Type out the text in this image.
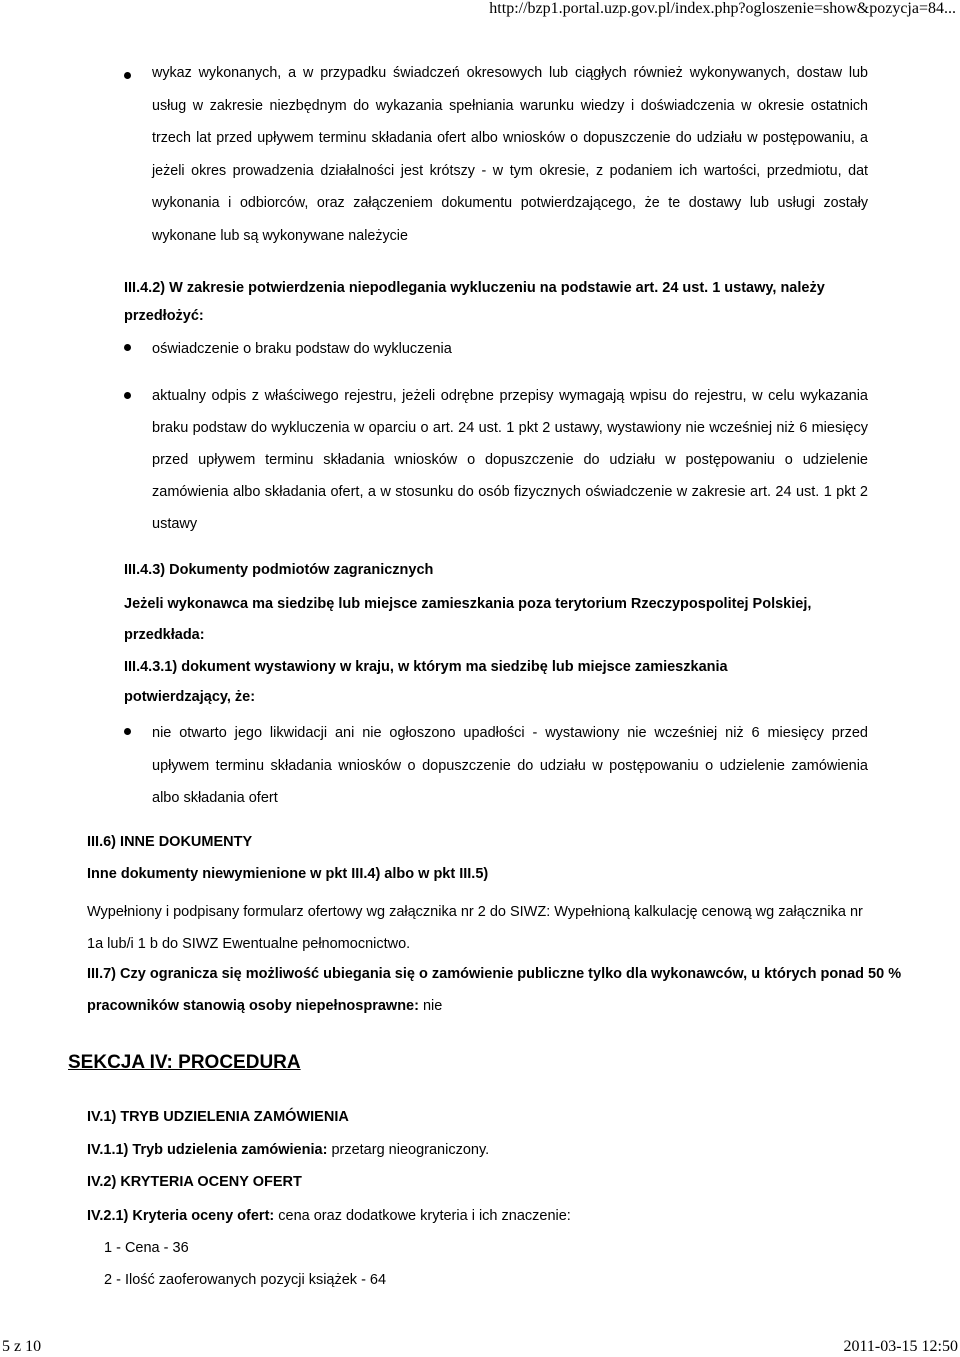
http://bzp1.portal.uzp.gov.pl/index.php?ogloszenie=show&pozycja=84...
wykaz wykonanych, a w przypadku świadczeń okresowych lub ciągłych również wykonywanych, dostaw lub usług w zakresie niezbędnym do wykazania spełniania warunku wiedzy i doświadczenia w okresie ostatnich trzech lat przed upływem terminu składania ofert albo wniosków o dopuszczenie do udziału w postępowaniu, a jeżeli okres prowadzenia działalności jest krótszy - w tym okresie, z podaniem ich wartości, przedmiotu, dat wykonania i odbiorców, oraz załączeniem dokumentu potwierdzającego, że te dostawy lub usługi zostały wykonane lub są wykonywane należycie
III.4.2) W zakresie potwierdzenia niepodlegania wykluczeniu na podstawie art. 24 ust. 1 ustawy, należy przedłożyć:
oświadczenie o braku podstaw do wykluczenia
aktualny odpis z właściwego rejestru, jeżeli odrębne przepisy wymagają wpisu do rejestru, w celu wykazania braku podstaw do wykluczenia w oparciu o art. 24 ust. 1 pkt 2 ustawy, wystawiony nie wcześniej niż 6 miesięcy przed upływem terminu składania wniosków o dopuszczenie do udziału w postępowaniu o udzielenie zamówienia albo składania ofert, a w stosunku do osób fizycznych oświadczenie w zakresie art. 24 ust. 1 pkt 2 ustawy
III.4.3) Dokumenty podmiotów zagranicznych
Jeżeli wykonawca ma siedzibę lub miejsce zamieszkania poza terytorium Rzeczypospolitej Polskiej, przedkłada:
III.4.3.1) dokument wystawiony w kraju, w którym ma siedzibę lub miejsce zamieszkania potwierdzający, że:
nie otwarto jego likwidacji ani nie ogłoszono upadłości - wystawiony nie wcześniej niż 6 miesięcy przed upływem terminu składania wniosków o dopuszczenie do udziału w postępowaniu o udzielenie zamówienia albo składania ofert
III.6) INNE DOKUMENTY
Inne dokumenty niewymienione w pkt III.4) albo w pkt III.5)
Wypełniony i podpisany formularz ofertowy wg załącznika nr 2 do SIWZ: Wypełnioną kalkulację cenową wg załącznika nr 1a lub/i 1 b do SIWZ Ewentualne pełnomocnictwo.
III.7) Czy ogranicza się możliwość ubiegania się o zamówienie publiczne tylko dla wykonawców, u których ponad 50 % pracowników stanowią osoby niepełnosprawne: nie
SEKCJA IV: PROCEDURA
IV.1) TRYB UDZIELENIA ZAMÓWIENIA
IV.1.1) Tryb udzielenia zamówienia: przetarg nieograniczony.
IV.2) KRYTERIA OCENY OFERT
IV.2.1) Kryteria oceny ofert: cena oraz dodatkowe kryteria i ich znaczenie:
1 - Cena - 36
2 - Ilość zaoferowanych pozycji książek - 64
5 z 10	2011-03-15 12:50
